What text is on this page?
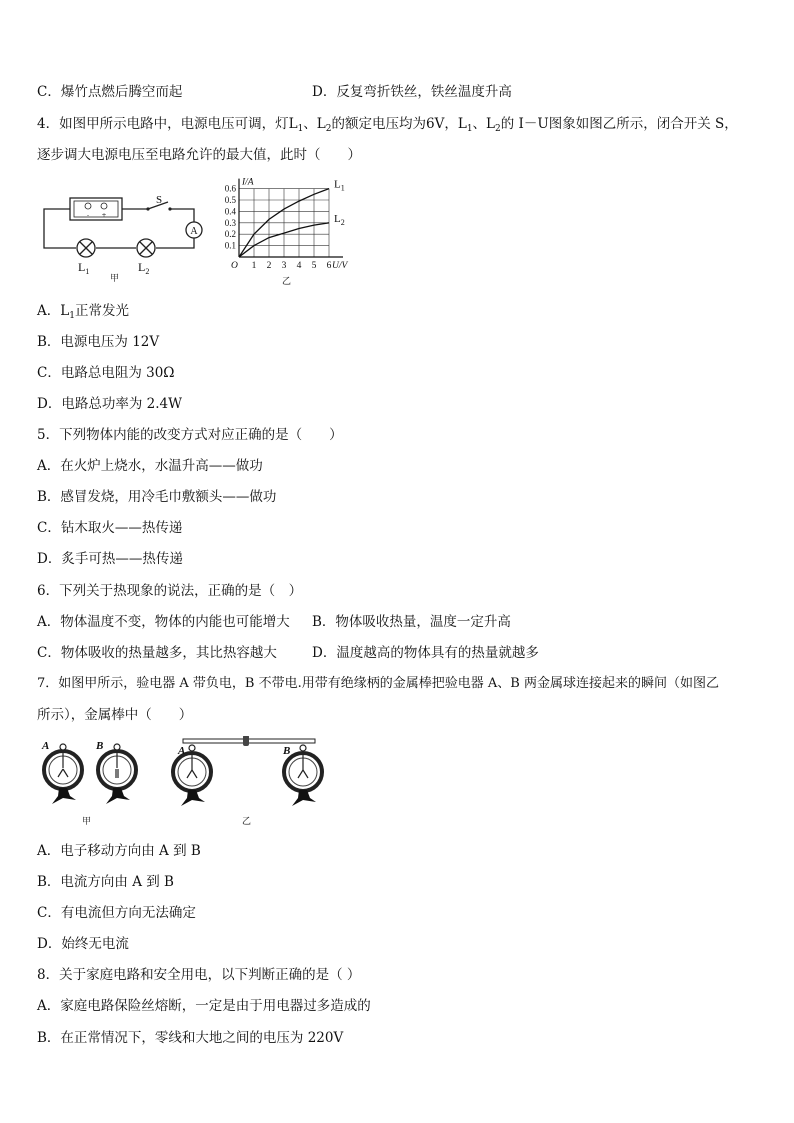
C．爆竹点燃后腾空而起	D．反复弯折铁丝，铁丝温度升高
4．如图甲所示电路中，电源电压可调，灯$L_1$、$L_2$的额定电压均为6V，$L_1$、$L_2$的 I－U图象如图乙所示，闭合开关 S，
逐步调大电源电压至电路允许的最大值，此时（　　）
- +
S
A
$L_1$	$L_2$
甲
1 2 3 4 5 6
0.1
0.2
0.3
0.4
0.5
0.6
O
I/A
U/V
乙
$L_1$
$L_2$
A．$L_1$正常发光
B．电源电压为 12V
C．电路总电阻为 30Ω
D．电路总功率为 2.4W
5．下列物体内能的改变方式对应正确的是（　　）
A．在火炉上烧水，水温升高——做功
B．感冒发烧，用冷毛巾敷额头——做功
C．钻木取火——热传递
D．炙手可热——热传递
6．下列关于热现象的说法，正确的是（　）
A．物体温度不变，物体的内能也可能增大 B．物体吸收热量，温度一定升高
C．物体吸收的热量越多，其比热容越大	D．温度越高的物体具有的热量就越多
7．如图甲所示，验电器 A 带负电，B 不带电.用带有绝缘柄的金属棒把验电器 A、B 两金属球连接起来的瞬间（如图乙
所示），金属棒中（　　）
A	B	A	B
甲	乙
A．电子移动方向由 A 到 B
B．电流方向由 A 到 B
C．有电流但方向无法确定
D．始终无电流
8．关于家庭电路和安全用电，以下判断正确的是（ ）
A．家庭电路保险丝熔断，一定是由于用电器过多造成的
B．在正常情况下，零线和大地之间的电压为 220V
